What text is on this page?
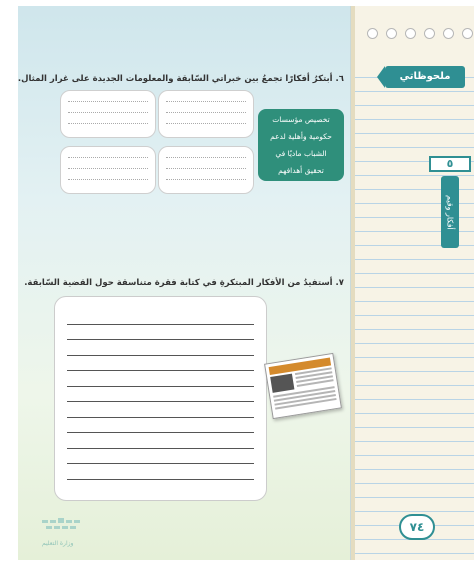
٦. أبتكرُ أفكارًا تجمعُ بين خبراتي السّابقة والمعلومات الجديدة على غرار المثال.
تخصيص مؤسسات
حكومية وأهلية لدعم
الشباب ماديًا في
تحقيق أهدافهم
٧. أستفيدُ من الأفكار المبتكرةِ في كتابة فقرة متناسقة حول القضية السّابقة.
وزارة التعليم
ملحوظاتي
٥
أفكار وقيم
٧٤
